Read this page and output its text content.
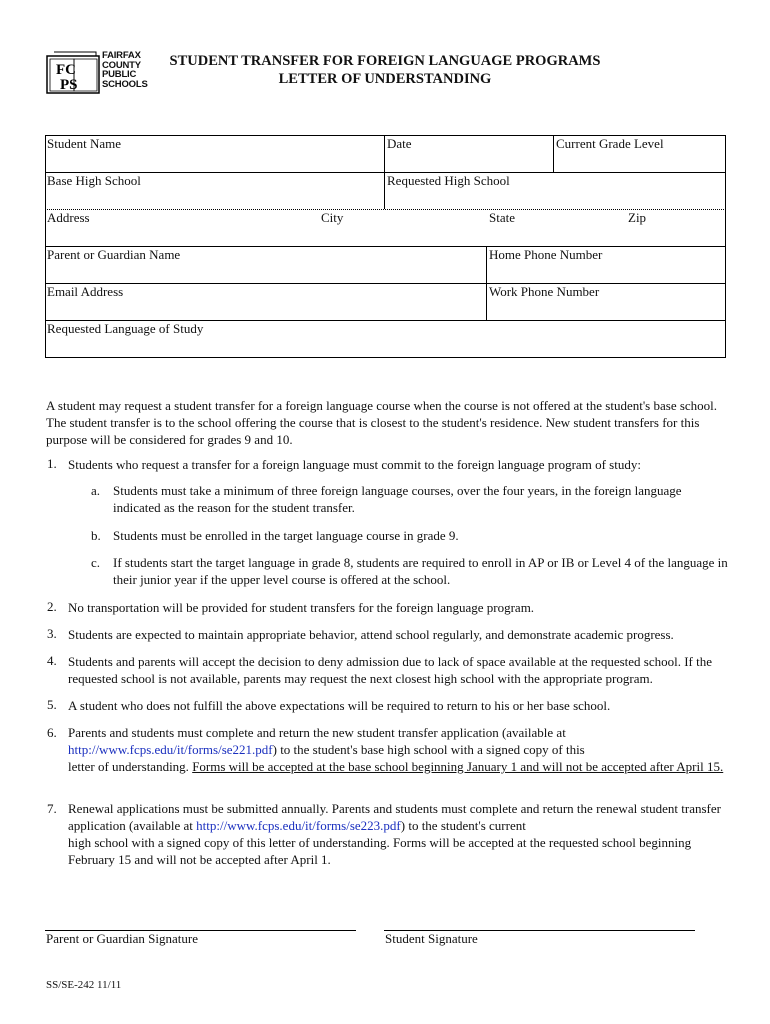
FC
PS
FAIRFAX
COUNTY
PUBLIC
SCHOOLS
STUDENT TRANSFER FOR FOREIGN LANGUAGE PROGRAMS
LETTER OF UNDERSTANDING
Student Name	Date	Current Grade Level
Base High School	Requested High School
Address	City	State	Zip
Parent or Guardian Name	Home Phone Number
Email Address	Work Phone Number
Requested Language of Study
A student may request a student transfer for a foreign language course when the course is not offered at the student's base school. The student transfer is to the school offering the course that is closest to the student's residence. New student transfers for this purpose will be considered for grades 9 and 10.
1. Students who request a transfer for a foreign language must commit to the foreign language program of study:
a. Students must take a minimum of three foreign language courses, over the four years, in the foreign language indicated as the reason for the student transfer.
b. Students must be enrolled in the target language course in grade 9.
c. If students start the target language in grade 8, students are required to enroll in AP or IB or Level 4 of the language in their junior year if the upper level course is offered at the school.
2. No transportation will be provided for student transfers for the foreign language program.
3. Students are expected to maintain appropriate behavior, attend school regularly, and demonstrate academic progress.
4. Students and parents will accept the decision to deny admission due to lack of space available at the requested school. If the requested school is not available, parents may request the next closest high school with the appropriate program.
5. A student who does not fulfill the above expectations will be required to return to his or her base school.
6. Parents and students must complete and return the new student transfer application (available at
http://www.fcps.edu/it/forms/se221.pdf) to the student's base high school with a signed copy of this
letter of understanding. Forms will be accepted at the base school beginning January 1 and will not be accepted after April 15.
7. Renewal applications must be submitted annually. Parents and students must complete and return the renewal student transfer application (available at http://www.fcps.edu/it/forms/se223.pdf) to the student's current
high school with a signed copy of this letter of understanding. Forms will be accepted at the requested school beginning February 15 and will not be accepted after April 1.
Parent or Guardian Signature	Student Signature
SS/SE-242 11/11
